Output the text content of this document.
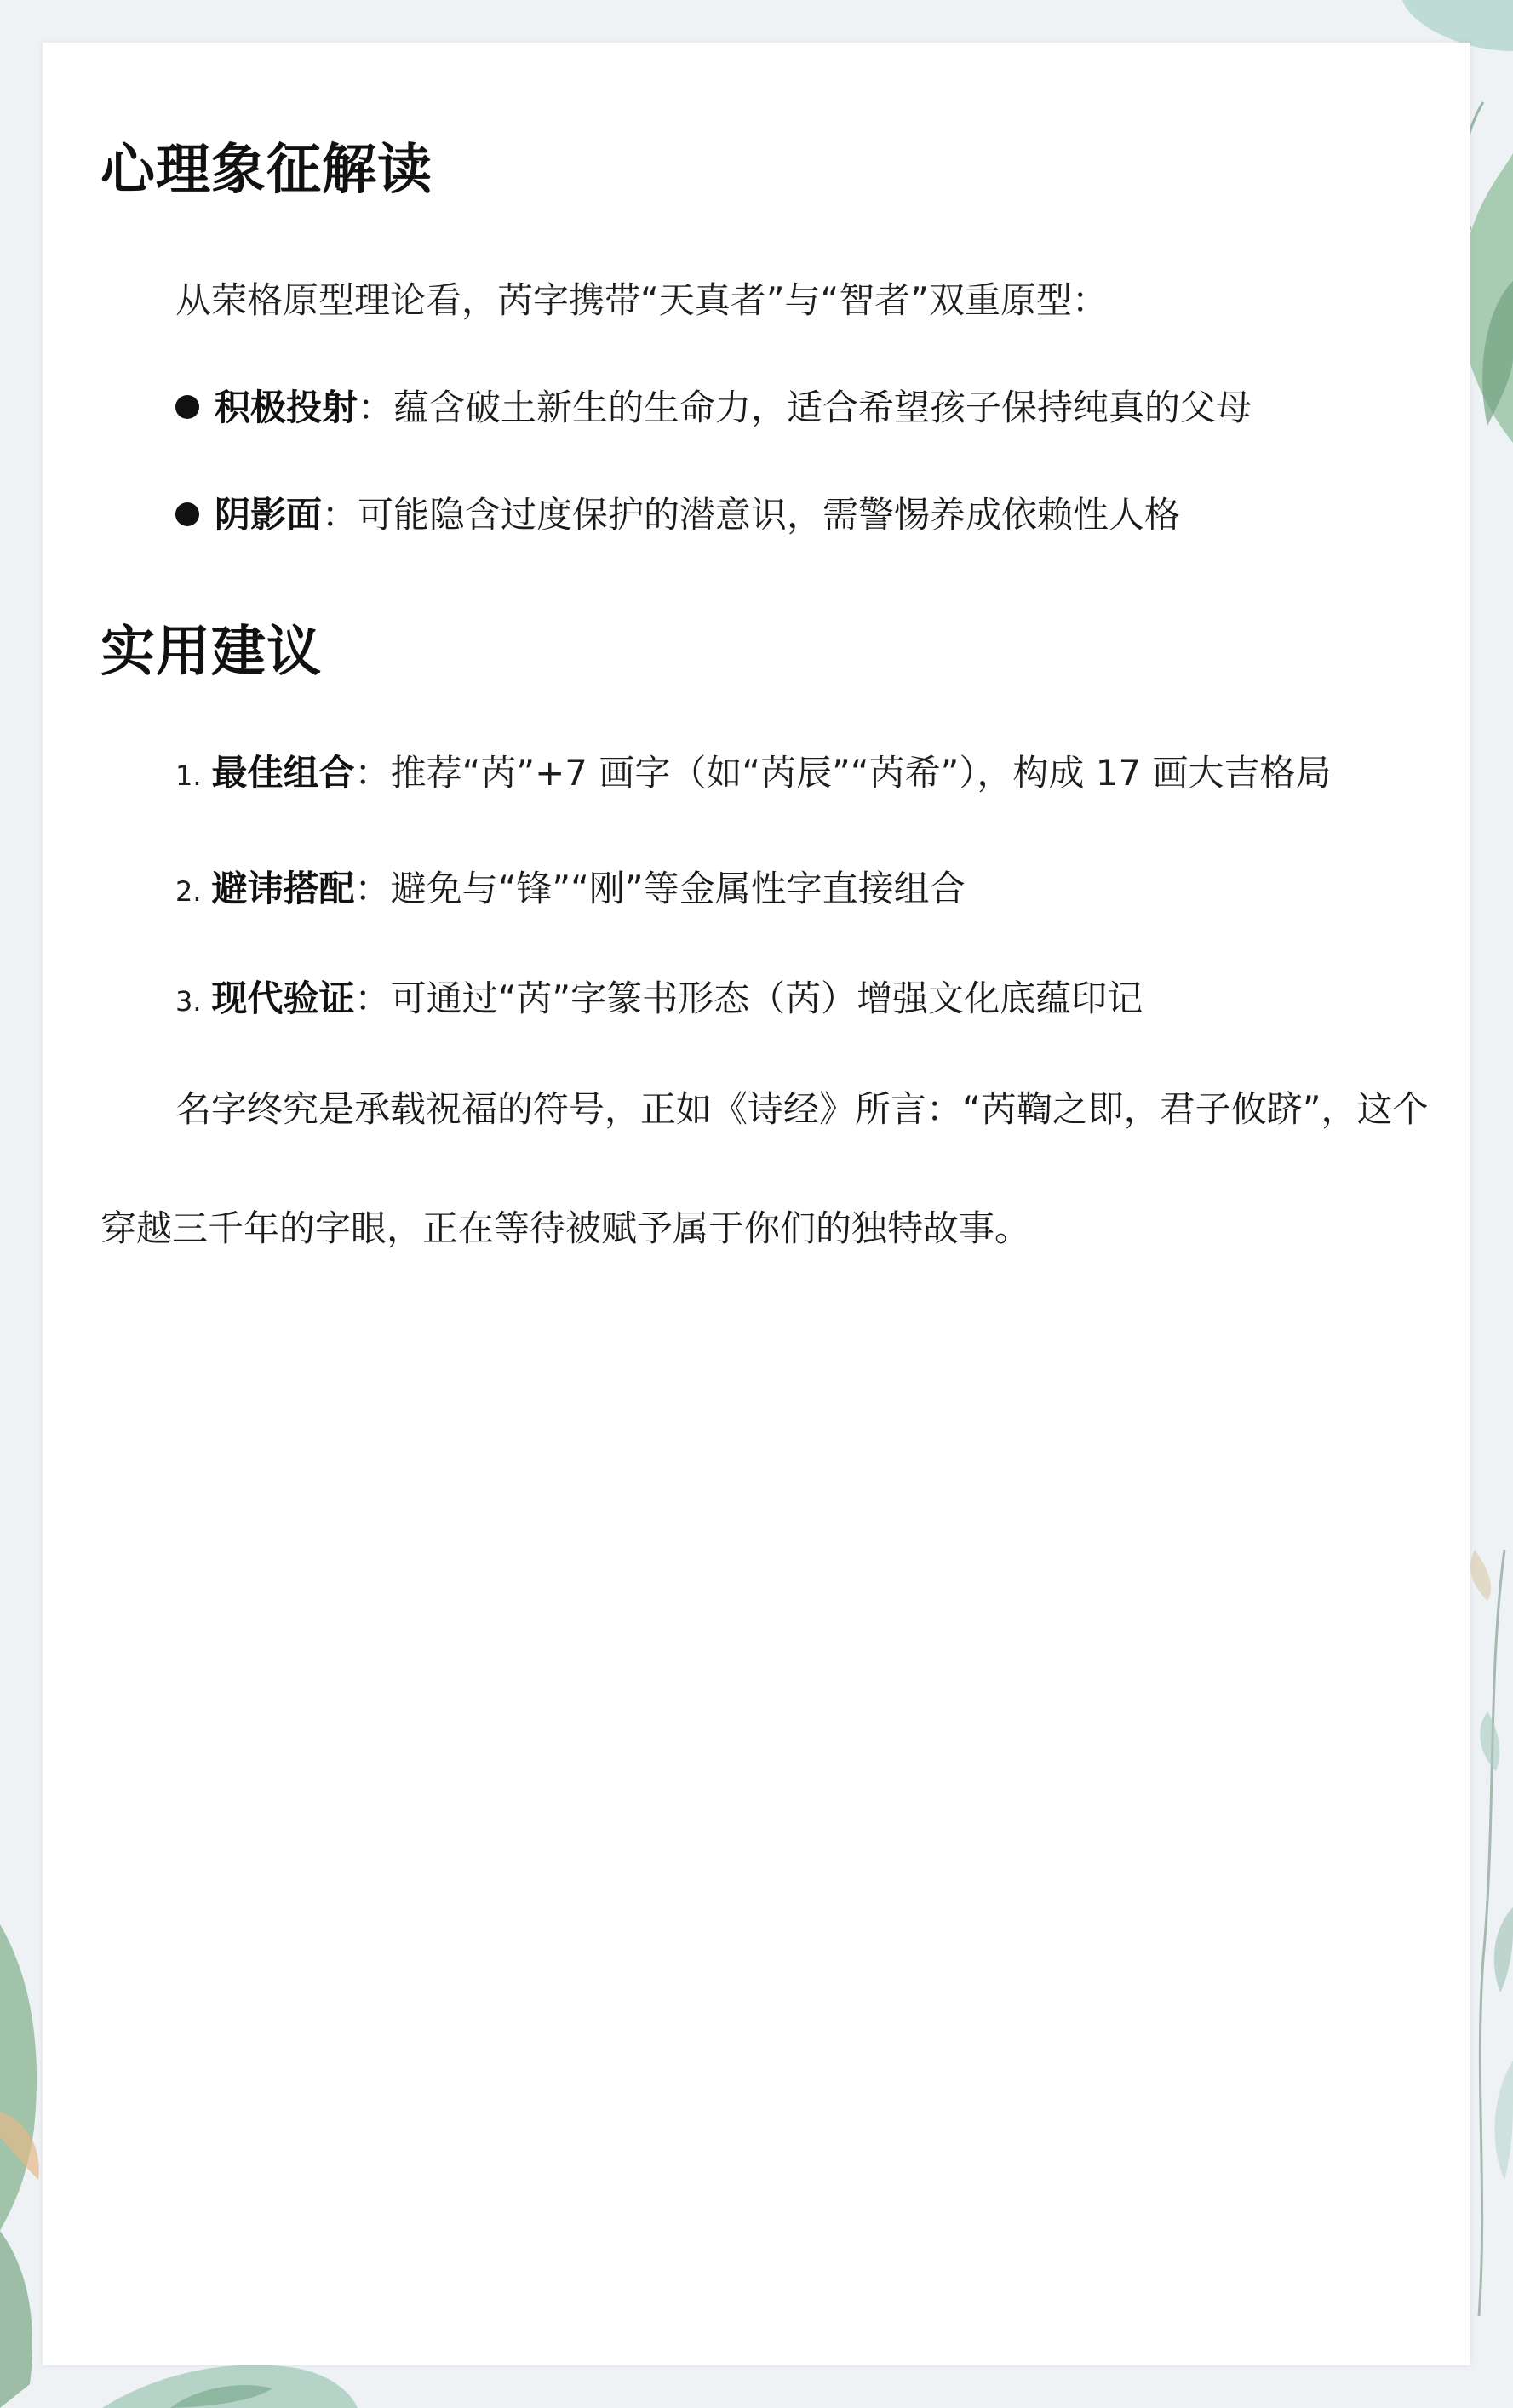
心理象征解读

从荣格原型理论看，芮字携带“天真者”与“智者”双重原型：

积极投射：蕴含破土新生的生命力，适合希望孩子保持纯真的父母

阴影面：可能隐含过度保护的潜意识，需警惕养成依赖性人格

实用建议

1. 最佳组合：推荐“芮”+7 画字（如“芮辰”“芮希”），构成 17 画大吉格局

2. 避讳搭配：避免与“锋”“刚”等金属性字直接组合

3. 现代验证：可通过“芮”字篆书形态（芮）增强文化底蕴印记

名字终究是承载祝福的符号，正如《诗经》所言：“芮鞫之即，君子攸跻”，这个穿越三千年的字眼，正在等待被赋予属于你们的独特故事。
